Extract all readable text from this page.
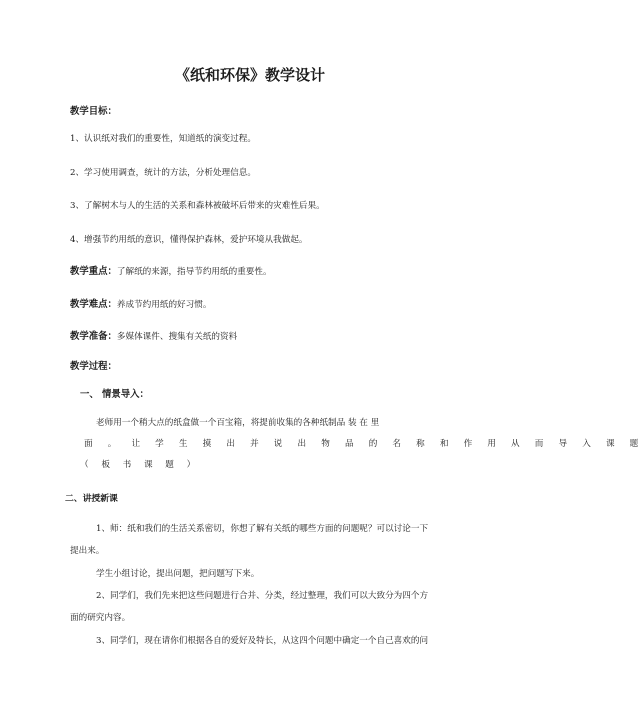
《纸和环保》教学设计
教学目标：
1、认识纸对我们的重要性，知道纸的演变过程。
2、学习使用调查，统计的方法，分析处理信息。
3、了解树木与人的生活的关系和森林被破坏后带来的灾难性后果。
4、增强节约用纸的意识，懂得保护森林，爱护环境从我做起。
教学重点：了解纸的来源，指导节约用纸的重要性。
教学难点：养成节约用纸的好习惯。
教学准备：多媒体课件、搜集有关纸的资料
教学过程：
一、 情景导入：
老师用一个稍大点的纸盒做一个百宝箱，将提前收集的各种纸制品 装 在 里
面 。 让 学 生 摸 出 并 说 出 物 品 的 名 称 和 作 用 从 而 导 入 课 题
（ 板 书 课 题 ）
二、讲授新课
1、师：纸和我们的生活关系密切，你想了解有关纸的哪些方面的问题呢？可以讨论一下
提出来。
学生小组讨论，提出问题，把问题写下来。
2、同学们，我们先来把这些问题进行合并、分类，经过整理，我们可以大致分为四个方
面的研究内容。
3、同学们，现在请你们根据各自的爱好及特长，从这四个问题中确定一个自己喜欢的问
